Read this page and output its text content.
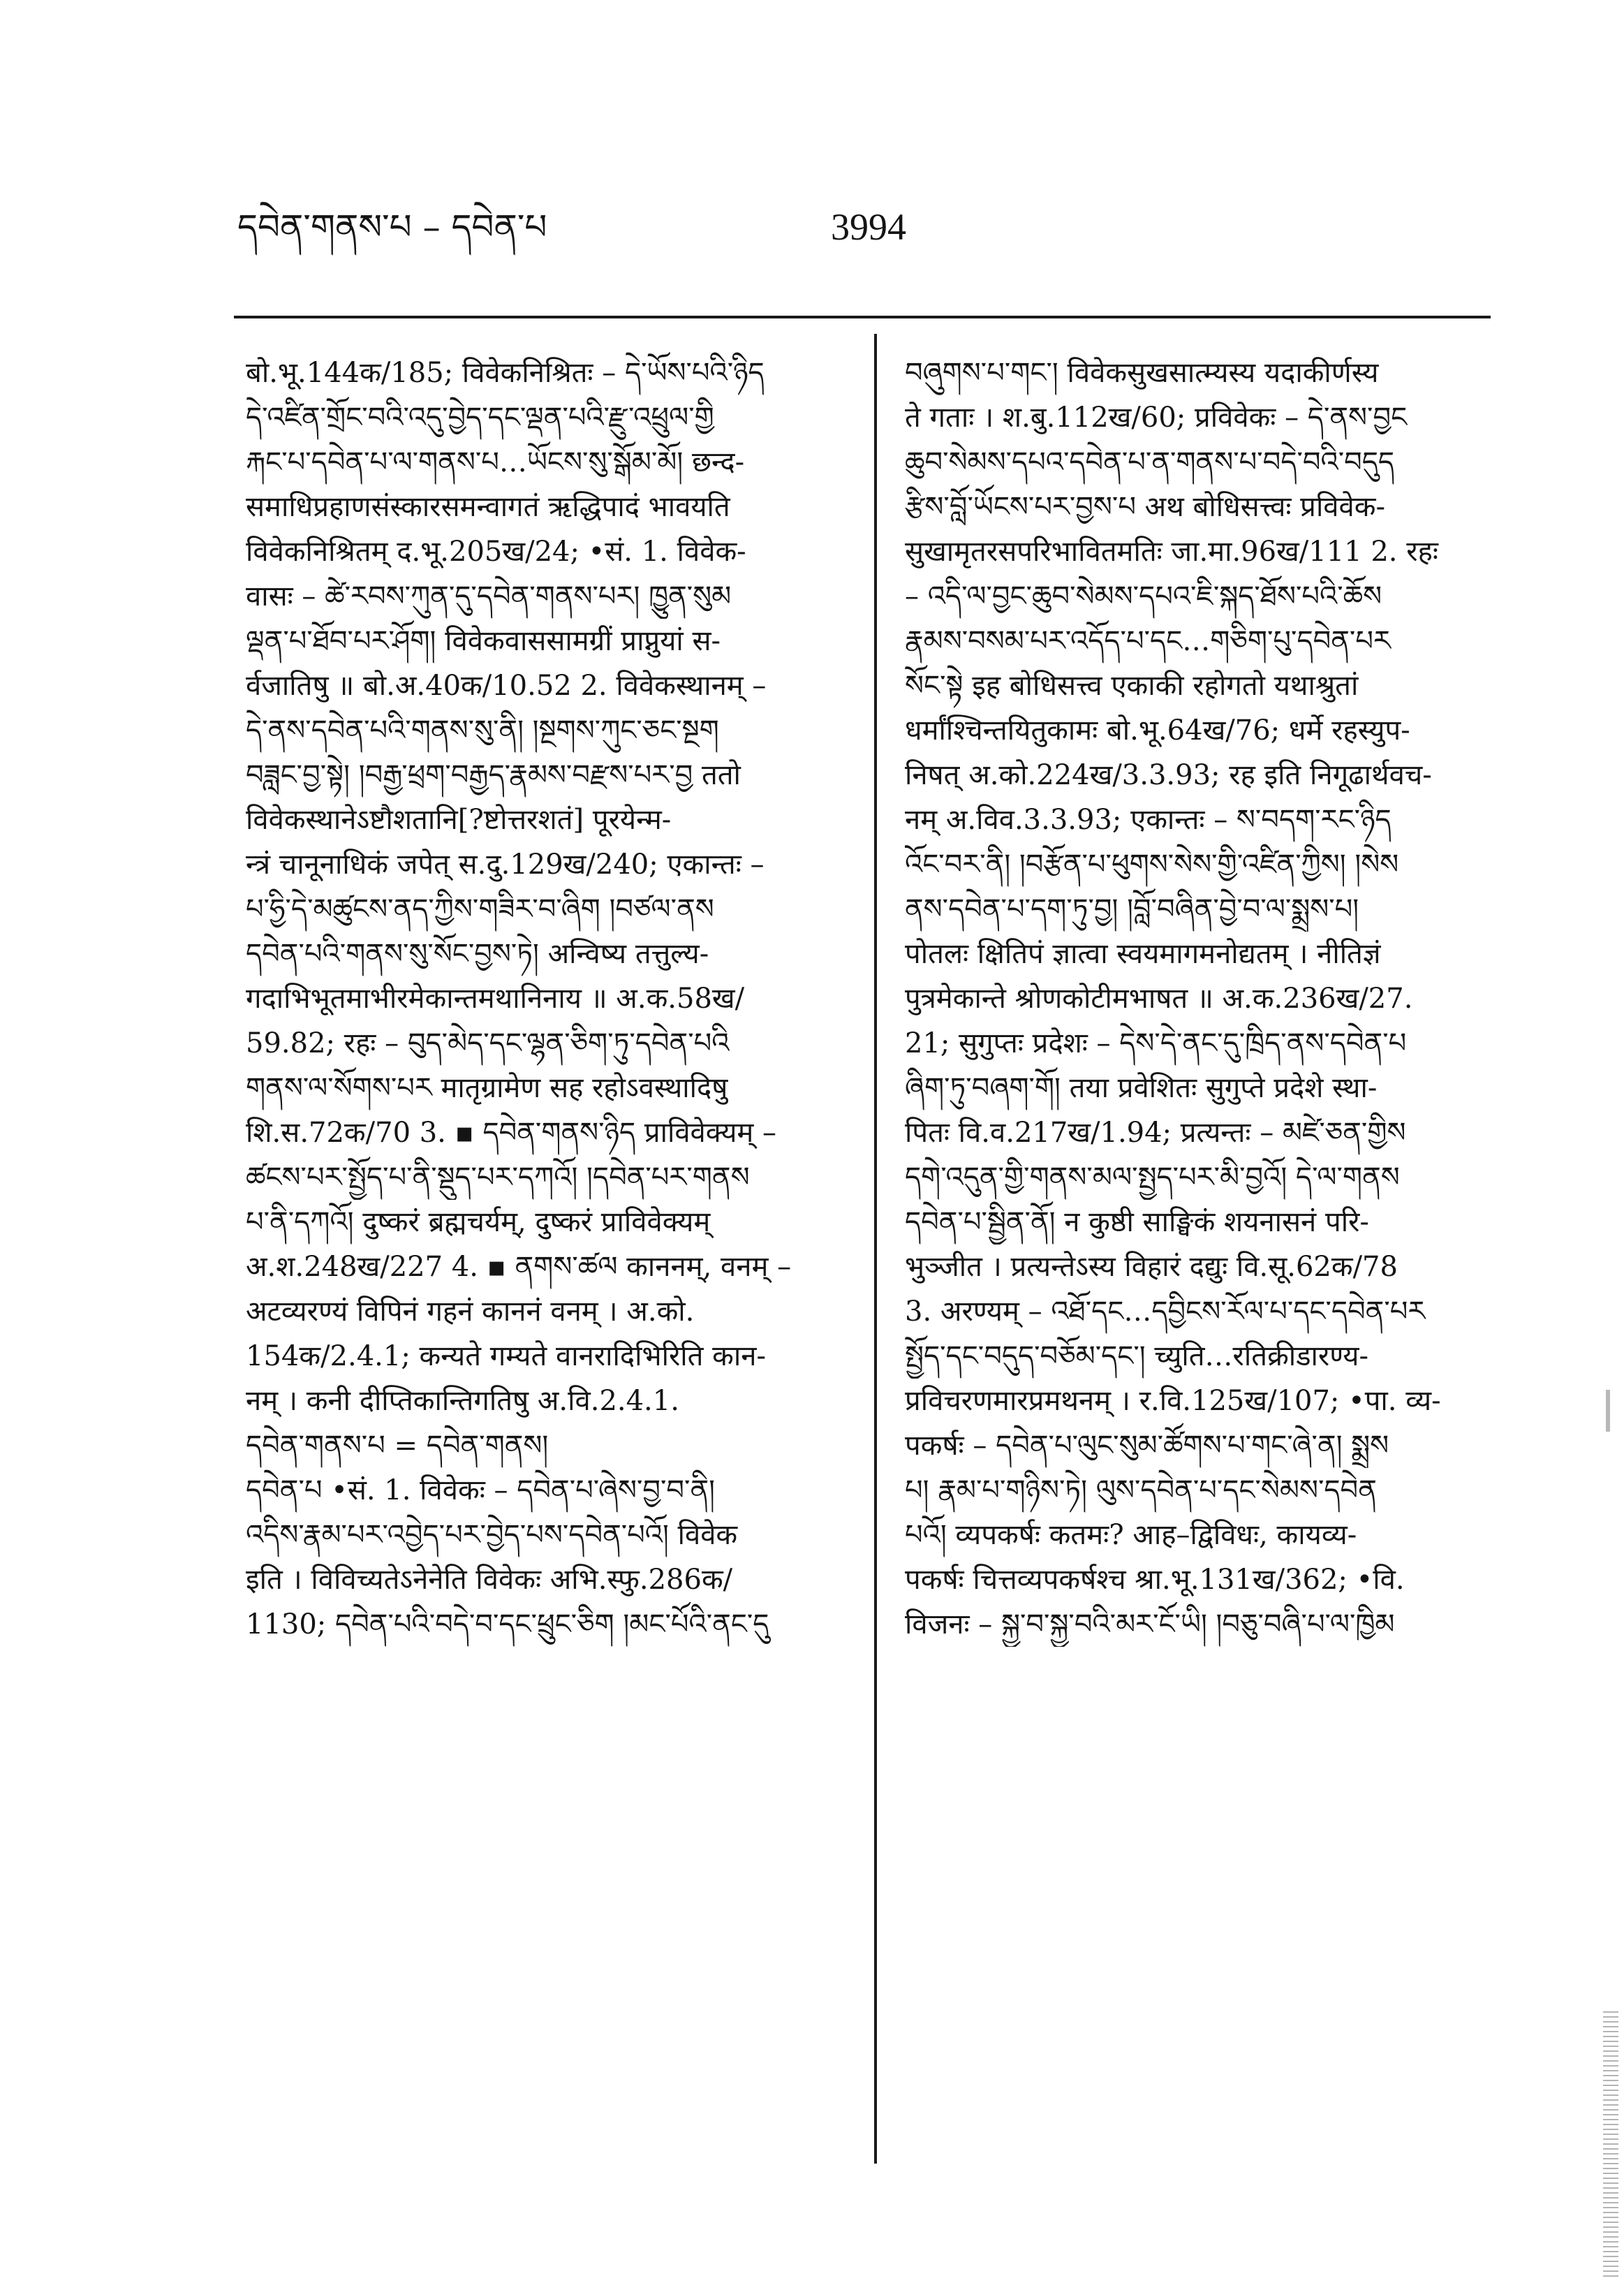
དབེན་གནས་པ – དབེན་པ	3994
बो.भू.144क/185; विवेकनिश्रितः – དེ་ཡོས་པའི་ཉིད
དེ་འཛིན་གྲོང་བའི་འདུ་བྱེད་དང་ལྡན་པའི་རྫུ་འཕྲུལ་གྱི
རྐང་པ་དབེན་པ་ལ་གནས་པ…ཡོངས་སུ་སྒོམ་མོ། छन्द-
समाधिप्रहाणसंस्कारसमन्वागतं ऋद्धिपादं भावयति
विवेकनिश्रितम् द.भू.205ख/24; •सं. 1. विवेक-
वासः – ཚེ་རབས་ཀུན་དུ་དབེན་གནས་པར། ཁྱུན་སུམ
ལྡན་པ་ཐོབ་པར་ཤོག། विवेकवाससामग्रीं प्राप्नुयां स-
र्वजातिषु ॥ बो.अ.40क/10.52 2. विवेकस्थानम् –
དེ་ནས་དབེན་པའི་གནས་སུ་ནི། །སྔགས་ཀུང་ཅང་སྔག
བཟླང་བྱ་སྟེ། །བརྒྱ་ཕྲག་བརྒྱད་རྣམས་བརྫས་པར་བྱ ततो
विवेकस्थानेऽष्टौशतानि[?ष्टोत्तरशतं] पूरयेन्म-
न्त्रं चानूनाधिकं जपेत् स.दु.129ख/240; एकान्तः –
པ་ཧྱི་དེ་མཚུངས་ནད་ཀྱིས་གཟིར་བ་ཞིག །བཙལ་ནས
དབེན་པའི་གནས་སུ་སོང་བྱས་ཏེ། अन्विष्य तत्तुल्य-
गदाभिभूतमाभीरमेकान्तमथानिनाय ॥ अ.क.58ख/
59.82; रहः – བུད་མེད་དང་ལྷན་ཅིག་ཏུ་དབེན་པའི
གནས་ལ་སོགས་པར मातृग्रामेण सह रहोऽवस्थादिषु
शि.स.72क/70 3. ▪ དབེན་གནས་ཉིད प्राविवेक्यम् –
ཚངས་པར་སྤྱོད་པ་ནི་སྡུད་པར་དཀའོ། །དབེན་པར་གནས
པ་ནི་དཀའོ། दुष्करं ब्रह्मचर्यम्, दुष्करं प्राविवेक्यम्
अ.श.248ख/227 4. ▪ ནགས་ཚལ काननम्, वनम् –
अटव्यरण्यं विपिनं गहनं काननं वनम् । अ.को.
154क/2.4.1; कन्यते गम्यते वानरादिभिरिति कान-
नम् । कनी दीप्तिकान्तिगतिषु अ.वि.2.4.1.
དབེན་གནས་པ = དབེན་གནས།
དབེན་པ •सं. 1. विवेकः – དབེན་པ་ཞེས་བྱ་བ་ནི།
འདིས་རྣམ་པར་འབྱེད་པར་བྱེད་པས་དབེན་པའོ། विवेक
इति । विविच्यतेऽनेनेति विवेकः अभि.स्फु.286क/
1130; དབེན་པའི་བདེ་བ་དང་ཕྲུང་ཅིག །མང་པོའི་ནང་དུ
བཞུགས་པ་གང་། विवेकसुखसात्म्यस्य यदाकीर्णस्य
ते गताः । श.बु.112ख/60; प्रविवेकः – དེ་ནས་བྱང
ཆུབ་སེམས་དཔའ་དབེན་པ་ན་གནས་པ་བདེ་བའི་བདུད
རྩིས་བློ་ཡོངས་པར་བྱས་པ अथ बोधिसत्त्वः प्रविवेक-
सुखामृतरसपरिभावितमतिः जा.मा.96ख/111 2. रहः
– འདི་ལ་བྱང་ཆུབ་སེམས་དཔའ་ཇི་སྐད་ཐོས་པའི་ཆོས
རྣམས་བསམ་པར་འདོད་པ་དང…གཅིག་པུ་དབེན་པར
སོང་སྟེ इह बोधिसत्त्व एकाकी रहोगतो यथाश्रुतां
धर्मांश्चिन्तयितुकामः बो.भू.64ख/76; धर्मे रहस्युप-
निषत् अ.को.224ख/3.3.93; रह इति निगूढार्थवच-
नम् अ.विव.3.3.93; एकान्तः – ས་བདག་རང་ཉིད
འོང་བར་ནི། །བརྩོན་པ་ཕུགས་སེས་གྱི་འཛིན་ཀྱིས། །སེས
ནས་དབེན་པ་དག་ཏུ་བྱ། །བློ་བཞིན་བྱེ་བ་ལ་སྨྲས་པ།
पोतलः क्षितिपं ज्ञात्वा स्वयमागमनोद्यतम् । नीतिज्ञं
पुत्रमेकान्ते श्रोणकोटीमभाषत ॥ अ.क.236ख/27.
21; सुगुप्तः प्रदेशः – དེས་དེ་ནང་དུ་ཁྲིད་ནས་དབེན་པ
ཞིག་ཏུ་བཞག་གོ། तया प्रवेशितः सुगुप्ते प्रदेशे स्था-
पितः वि.व.217ख/1.94; प्रत्यन्तः – མཛེ་ཅན་གྱིས
དགེ་འདུན་གྱི་གནས་མལ་སྤྱད་པར་མི་བྱའོ། དེ་ལ་གནས
དབེན་པ་སྦྱིན་ནོ། न कुष्ठी साङ्घिकं शयनासनं परि-
भुञ्जीत । प्रत्यन्तेऽस्य विहारं दद्युः वि.सू.62क/78
3. अरण्यम् – འཐོ་དང…དབྱིངས་རོལ་པ་དང་དབེན་པར
སྤྱོད་དང་བདུད་བཅོམ་དང་། च्युति…रतिक्रीडारण्य-
प्रविचरणमारप्रमथनम् । र.वि.125ख/107; •पा. व्य-
पकर्षः – དབེན་པ་ལུང་སུམ་ཚོགས་པ་གང་ཞེ་ན། སྨྲས
པ། རྣམ་པ་གཉིས་ཏེ། ལུས་དབེན་པ་དང་སེམས་དབེན
པའོ། व्यपकर्षः कतमः? आह–द्विविधः, कायव्य-
पकर्षः चित्तव्यपकर्षश्च श्रा.भू.131ख/362; •वि.
विजनः – སྐྱ་བ་སྐྱ་བའི་མར་ངོ་ཡི། །བཅུ་བཞི་པ་ལ་ཁྱིམ
